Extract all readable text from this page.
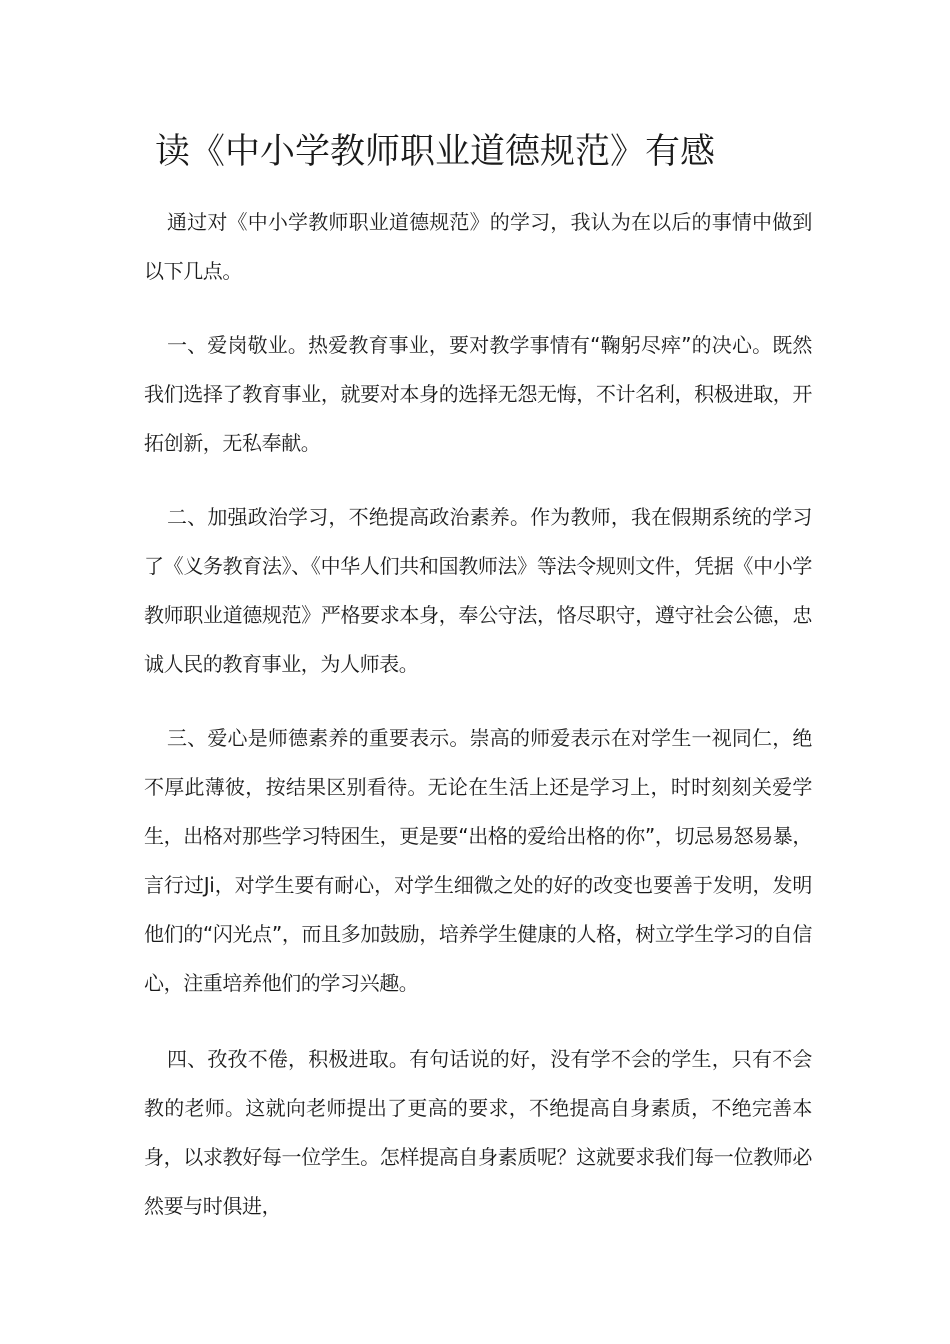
读《中小学教师职业道德规范》有感

通过对《中小学教师职业道德规范》的学习，我认为在以后的事情中做到以下几点。

一、爱岗敬业。热爱教育事业，要对教学事情有“鞠躬尽瘁”的决心。既然我们选择了教育事业，就要对本身的选择无怨无悔，不计名利，积极进取，开拓创新，无私奉献。

二、加强政治学习，不绝提高政治素养。作为教师，我在假期系统的学习了《义务教育法》、《中华人们共和国教师法》等法令规则文件，凭据《中小学教师职业道德规范》严格要求本身，奉公守法，恪尽职守，遵守社会公德，忠诚人民的教育事业，为人师表。

三、爱心是师德素养的重要表示。崇高的师爱表示在对学生一视同仁，绝不厚此薄彼，按结果区别看待。无论在生活上还是学习上，时时刻刻关爱学生，出格对那些学习特困生，更是要“出格的爱给出格的你”，切忌易怒易暴，言行过Ji，对学生要有耐心，对学生细微之处的好的改变也要善于发明，发明他们的“闪光点”，而且多加鼓励，培养学生健康的人格，树立学生学习的自信心，注重培养他们的学习兴趣。

四、孜孜不倦，积极进取。有句话说的好，没有学不会的学生，只有不会教的老师。这就向老师提出了更高的要求，不绝提高自身素质，不绝完善本身，以求教好每一位学生。怎样提高自身素质呢？这就要求我们每一位教师必然要与时俱进，
